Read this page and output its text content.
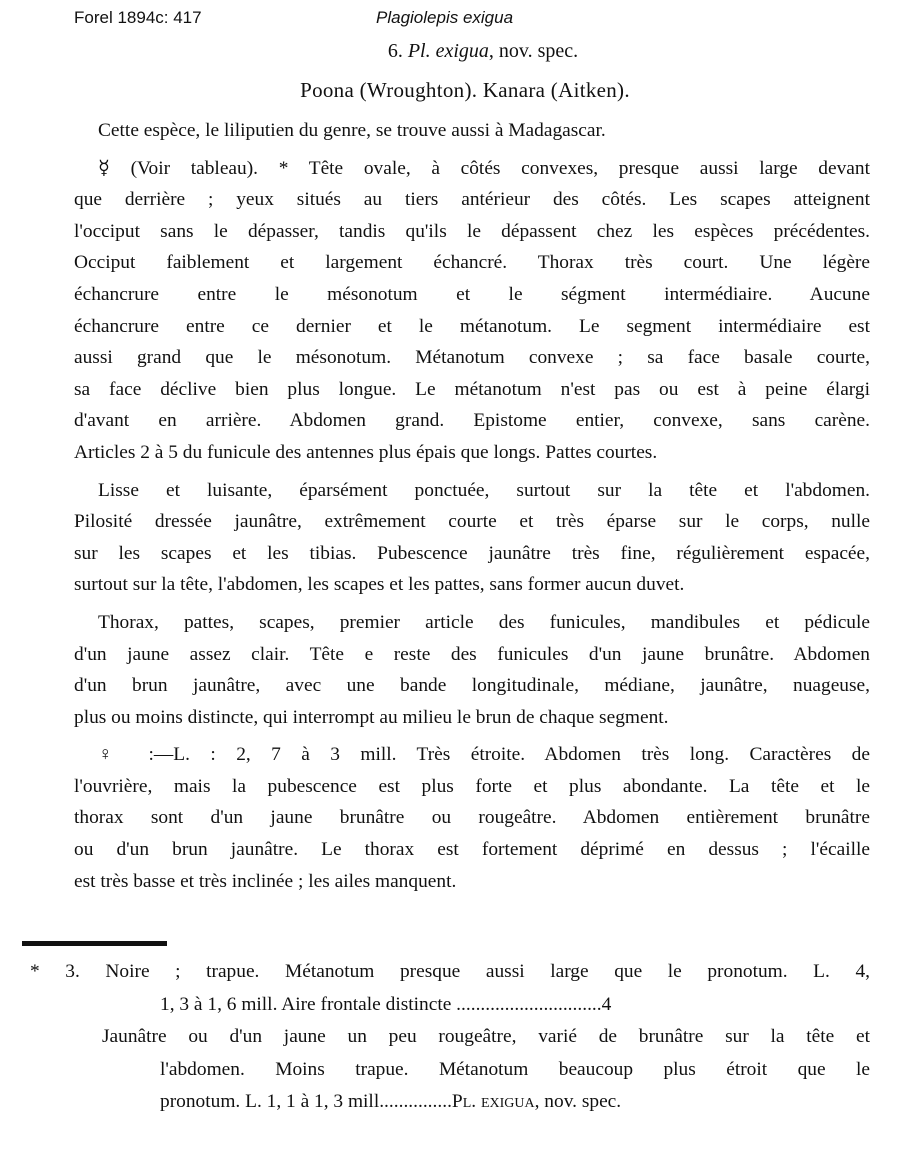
Forel 1894c: 417	Plagiolepis exigua
6. Pl. exigua, nov. spec.
Poona (Wroughton). Kanara (Aitken).
Cette espèce, le liliputien du genre, se trouve aussi à Madagascar.
☿ (Voir tableau). * Tête ovale, à côtés convexes, presque aussi large devant
que derrière ; yeux situés au tiers antérieur des côtés. Les scapes atteignent
l'occiput sans le dépasser, tandis qu'ils le dépassent chez les espèces précédentes.
Occiput faiblement et largement échancré. Thorax très court. Une légère
échancrure entre le mésonotum et le ségment intermédiaire. Aucune
échancrure entre ce dernier et le métanotum. Le segment intermédiaire est
aussi grand que le mésonotum. Métanotum convexe ; sa face basale courte,
sa face déclive bien plus longue. Le métanotum n'est pas ou est à peine élargi
d'avant en arrière. Abdomen grand. Epistome entier, convexe, sans carène.
Articles 2 à 5 du funicule des antennes plus épais que longs. Pattes courtes.
Lisse et luisante, éparsément ponctuée, surtout sur la tête et l'abdomen.
Pilosité dressée jaunâtre, extrêmement courte et très éparse sur le corps, nulle
sur les scapes et les tibias. Pubescence jaunâtre très fine, régulièrement espacée,
surtout sur la tête, l'abdomen, les scapes et les pattes, sans former aucun duvet.
Thorax, pattes, scapes, premier article des funicules, mandibules et pédicule
d'un jaune assez clair. Tête e reste des funicules d'un jaune brunâtre. Abdomen
d'un brun jaunâtre, avec une bande longitudinale, médiane, jaunâtre, nuageuse,
plus ou moins distincte, qui interrompt au milieu le brun de chaque segment.
♀ :—L. : 2, 7 à 3 mill. Très étroite. Abdomen très long. Caractères de
l'ouvrière, mais la pubescence est plus forte et plus abondante. La tête et le
thorax sont d'un jaune brunâtre ou rougeâtre. Abdomen entièrement brunâtre
ou d'un brun jaunâtre. Le thorax est fortement déprimé en dessus ; l'écaille
est très basse et très inclinée ; les ailes manquent.
* 3. Noire ; trapue. Métanotum presque aussi large que le pronotum. L. 4,
1, 3 à 1, 6 mill. Aire frontale distincte ..............................4
Jaunâtre ou d'un jaune un peu rougeâtre, varié de brunâtre sur la tête et
l'abdomen. Moins trapue. Métanotum beaucoup plus étroit que le
pronotum. L. 1, 1 à 1, 3 mill...............Pl. exigua, nov. spec.
